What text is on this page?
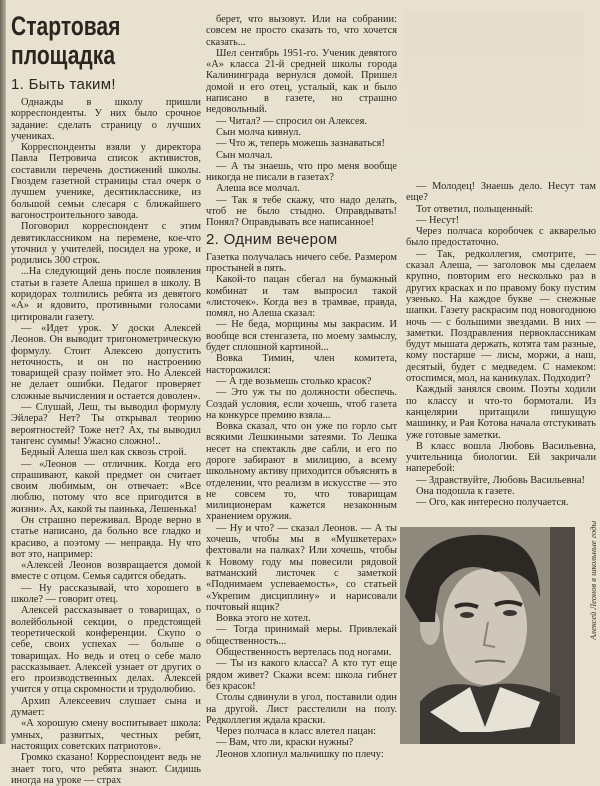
Стартовая
площадка
1. Быть таким!

Однажды в школу пришли корреспонденты. У них было срочное задание: сделать страницу о лучших учениках.

Корреспонденты взяли у директора Павла Петровича список активистов, составили перечень достижений школы. Гвоздем газетной страницы стал очерк о лучшем ученике, десятикласснике, из большой семьи слесаря с ближайшего вагоностроительного завода.

Поговорил корреспондент с этим девятиклассником на перемене, кое-что уточнил у учителей, посидел на уроке, и родились 300 строк.

...На следующий день после появления статьи в газете Алеша пришел в школу. В коридорах толпились ребята из девятого «А» и ядовито, противными голосами цитировали газету.

— «Идет урок. У доски Алексей Леонов. Он выводит тригонометрическую формулу. Стоит Алексею допустить неточность, и он по настроению товарищей сразу поймет это. Но Алексей не делает ошибки. Педагог проверяет сложные вычисления и остается доволен».

— Слушай, Леш, ты выводил формулу Эйлера? Нет? Ты открывал теорию вероятностей? Тоже нет? Ах, ты выводил тангенс суммы! Ужасно сложно!..

Бедный Алеша шел как сквозь строй.

— «Леонов — отличник. Когда его спрашивают, какой предмет он считает своим любимым, он отвечает: «Все люблю, потому что все пригодится в жизни». Ах, какой ты паинька, Лешенька!

Он страшно переживал. Вроде верно в статье написано, да больно все гладко и красиво, а поэтому — неправда. Ну что вот это, например:

«Алексей Леонов возвращается домой вместе с отцом. Семья садится обедать.

— Ну рассказывай, что хорошего в школе? — говорит отец.

Алексей рассказывает о товарищах, о волейбольной секции, о предстоящей теоретической конференции. Скупо о себе, своих успехах — больше о товарищах. Но ведь и отец о себе мало рассказывает. Алексей узнает от других о его производственных делах. Алексей учится у отца скромности и трудолюбию.

Архип Алексеевич слушает сына и думает:

«А хорошую смену воспитывает школа: умных, развитых, честных ребят, настоящих советских патриотов».

Громко сказано! Корреспондент ведь не знает того, что ребята знают. Сидишь иногда на уроке — страх

берет, что вызовут. Или на собрании: совсем не просто сказать то, что хочется сказать...

Шел сентябрь 1951-го. Ученик девятого «А» класса 21-й средней школы города Калининграда вернулся домой. Пришел домой и его отец, усталый, как и было написано в газете, но страшно недовольный.

— Читал? — спросил он Алексея.

Сын молча кивнул.

— Что ж, теперь можешь зазнаваться!

Сын молчал.

— А ты знаешь, что про меня вообще никогда не писали в газетах?

Алеша все молчал.

— Так я тебе скажу, что надо делать, чтоб не было стыдно. Оправдывать! Понял? Оправдывать все написанное!

2. Одним вечером

Газетка получалась ничего себе. Размером простыней в пять.

Какой-то пацан сбегал на бумажный комбинат и там выпросил такой «листочек». Когда вез в трамвае, правда, помял, но Алеша сказал:

— Не беда, морщины мы закрасим. И вообще вся стенгазета, по моему замыслу, будет сплошной картиной...

Вовка Тимин, член комитета, насторожился:

— А где возьмешь столько красок?

— Это уж ты по должности обеспечь. Создай условия, если хочешь, чтоб газета на конкурсе премию взяла...

Вовка сказал, что он уже по горло сыт всякими Лешкиными затеями. То Лешка несет на спектакль две сабли, и его по дороге забирают в милицию, а всему школьному активу приходится объяснять в отделении, что реализм в искусстве — это не совсем то, что товарищам милиционерам кажется незаконным хранением оружия.

— Ну и что? — сказал Леонов. — А ты хочешь, чтобы мы в «Мушкетерах» фехтовали на палках? Или хочешь, чтобы к Новому году мы повесили рядовой ватманский листочек с заметкой «Поднимаем успеваемость», со статьей «Укрепим дисциплину» и нарисовали почтовый ящик?

Вовка этого не хотел.

— Тогда принимай меры. Привлекай общественность...

Общественность вертелась под ногами.

— Ты из какого класса? А кто тут еще рядом живет? Скажи всем: школа гибнет без красок!

Столы сдвинули в угол, поставили один на другой. Лист расстелили на полу. Редколлегия ждала краски.

Через полчаса в класс влетел пацан:

— Вам, что ли, краски нужны?

Леонов хлопнул мальчишку по плечу:

— Молодец! Знаешь дело. Несут там еще?

Тот ответил, польщенный:

— Несут!

Через полчаса коробочек с акварелью было предостаточно.

— Так, редколлегия, смотрите, — сказал Алеша, — заголовок мы сделаем крупно, повторим его несколько раз в других красках и по правому боку пустим узенько. На каждое букве — снежные шапки. Газету раскрасим под новогоднюю ночь — с большими звездами. В них — заметки. Поздравления первоклассникам будут мышата держать, котята там разные, кому постарше — лисы, моржи, а наш, десятый, будет с медведем. С намеком: отоспимся, мол, на каникулах. Подходит?

Каждый занялся своим. Поэты ходили по классу и что-то бормотали. Из канцелярии притащили пишущую машинку, и Рая Котова начала отстукивать уже готовые заметки.

В класс вошла Любовь Васильевна, учительница биологии. Ей закричали наперебой:

— Здравствуйте, Любовь Васильевна!

Она подошла к газете.

— Ого, как интересно получается.

Алексей Леонов в школьные годы
